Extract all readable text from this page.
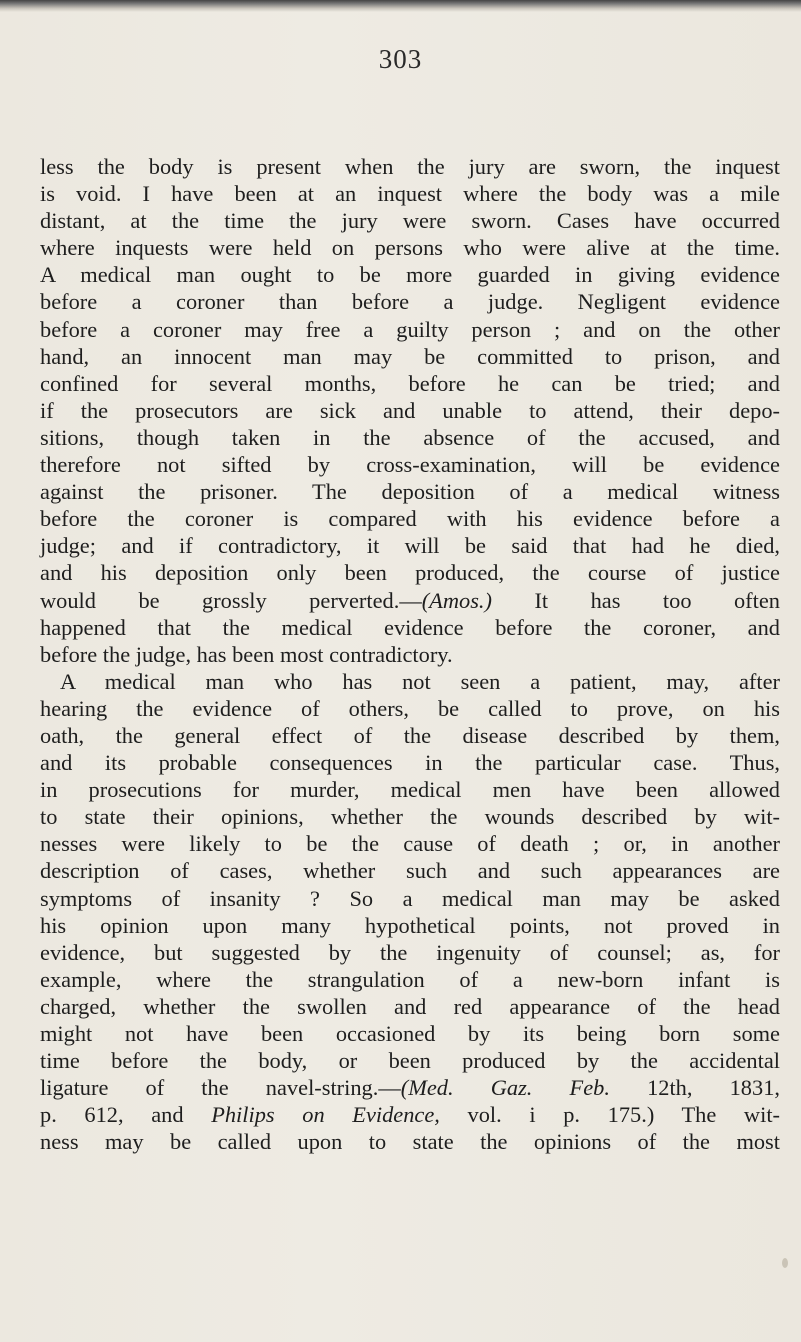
303
less the body is present when the jury are sworn, the inquest
is void. I have been at an inquest where the body was a mile
distant, at the time the jury were sworn. Cases have occurred
where inquests were held on persons who were alive at the time.
A medical man ought to be more guarded in giving evidence
before a coroner than before a judge. Negligent evidence
before a coroner may free a guilty person ; and on the other
hand, an innocent man may be committed to prison, and
confined for several months, before he can be tried; and
if the prosecutors are sick and unable to attend, their depo-
sitions, though taken in the absence of the accused, and
therefore not sifted by cross-examination, will be evidence
against the prisoner. The deposition of a medical witness
before the coroner is compared with his evidence before a
judge; and if contradictory, it will be said that had he died,
and his deposition only been produced, the course of justice
would be grossly perverted.—(Amos.) It has too often
happened that the medical evidence before the coroner, and
before the judge, has been most contradictory.
A medical man who has not seen a patient, may, after
hearing the evidence of others, be called to prove, on his
oath, the general effect of the disease described by them,
and its probable consequences in the particular case. Thus,
in prosecutions for murder, medical men have been allowed
to state their opinions, whether the wounds described by wit-
nesses were likely to be the cause of death ; or, in another
description of cases, whether such and such appearances are
symptoms of insanity ? So a medical man may be asked
his opinion upon many hypothetical points, not proved in
evidence, but suggested by the ingenuity of counsel; as, for
example, where the strangulation of a new-born infant is
charged, whether the swollen and red appearance of the head
might not have been occasioned by its being born some
time before the body, or been produced by the accidental
ligature of the navel-string.—(Med. Gaz. Feb. 12th, 1831,
p. 612, and Philips on Evidence, vol. i p. 175.) The wit-
ness may be called upon to state the opinions of the most
